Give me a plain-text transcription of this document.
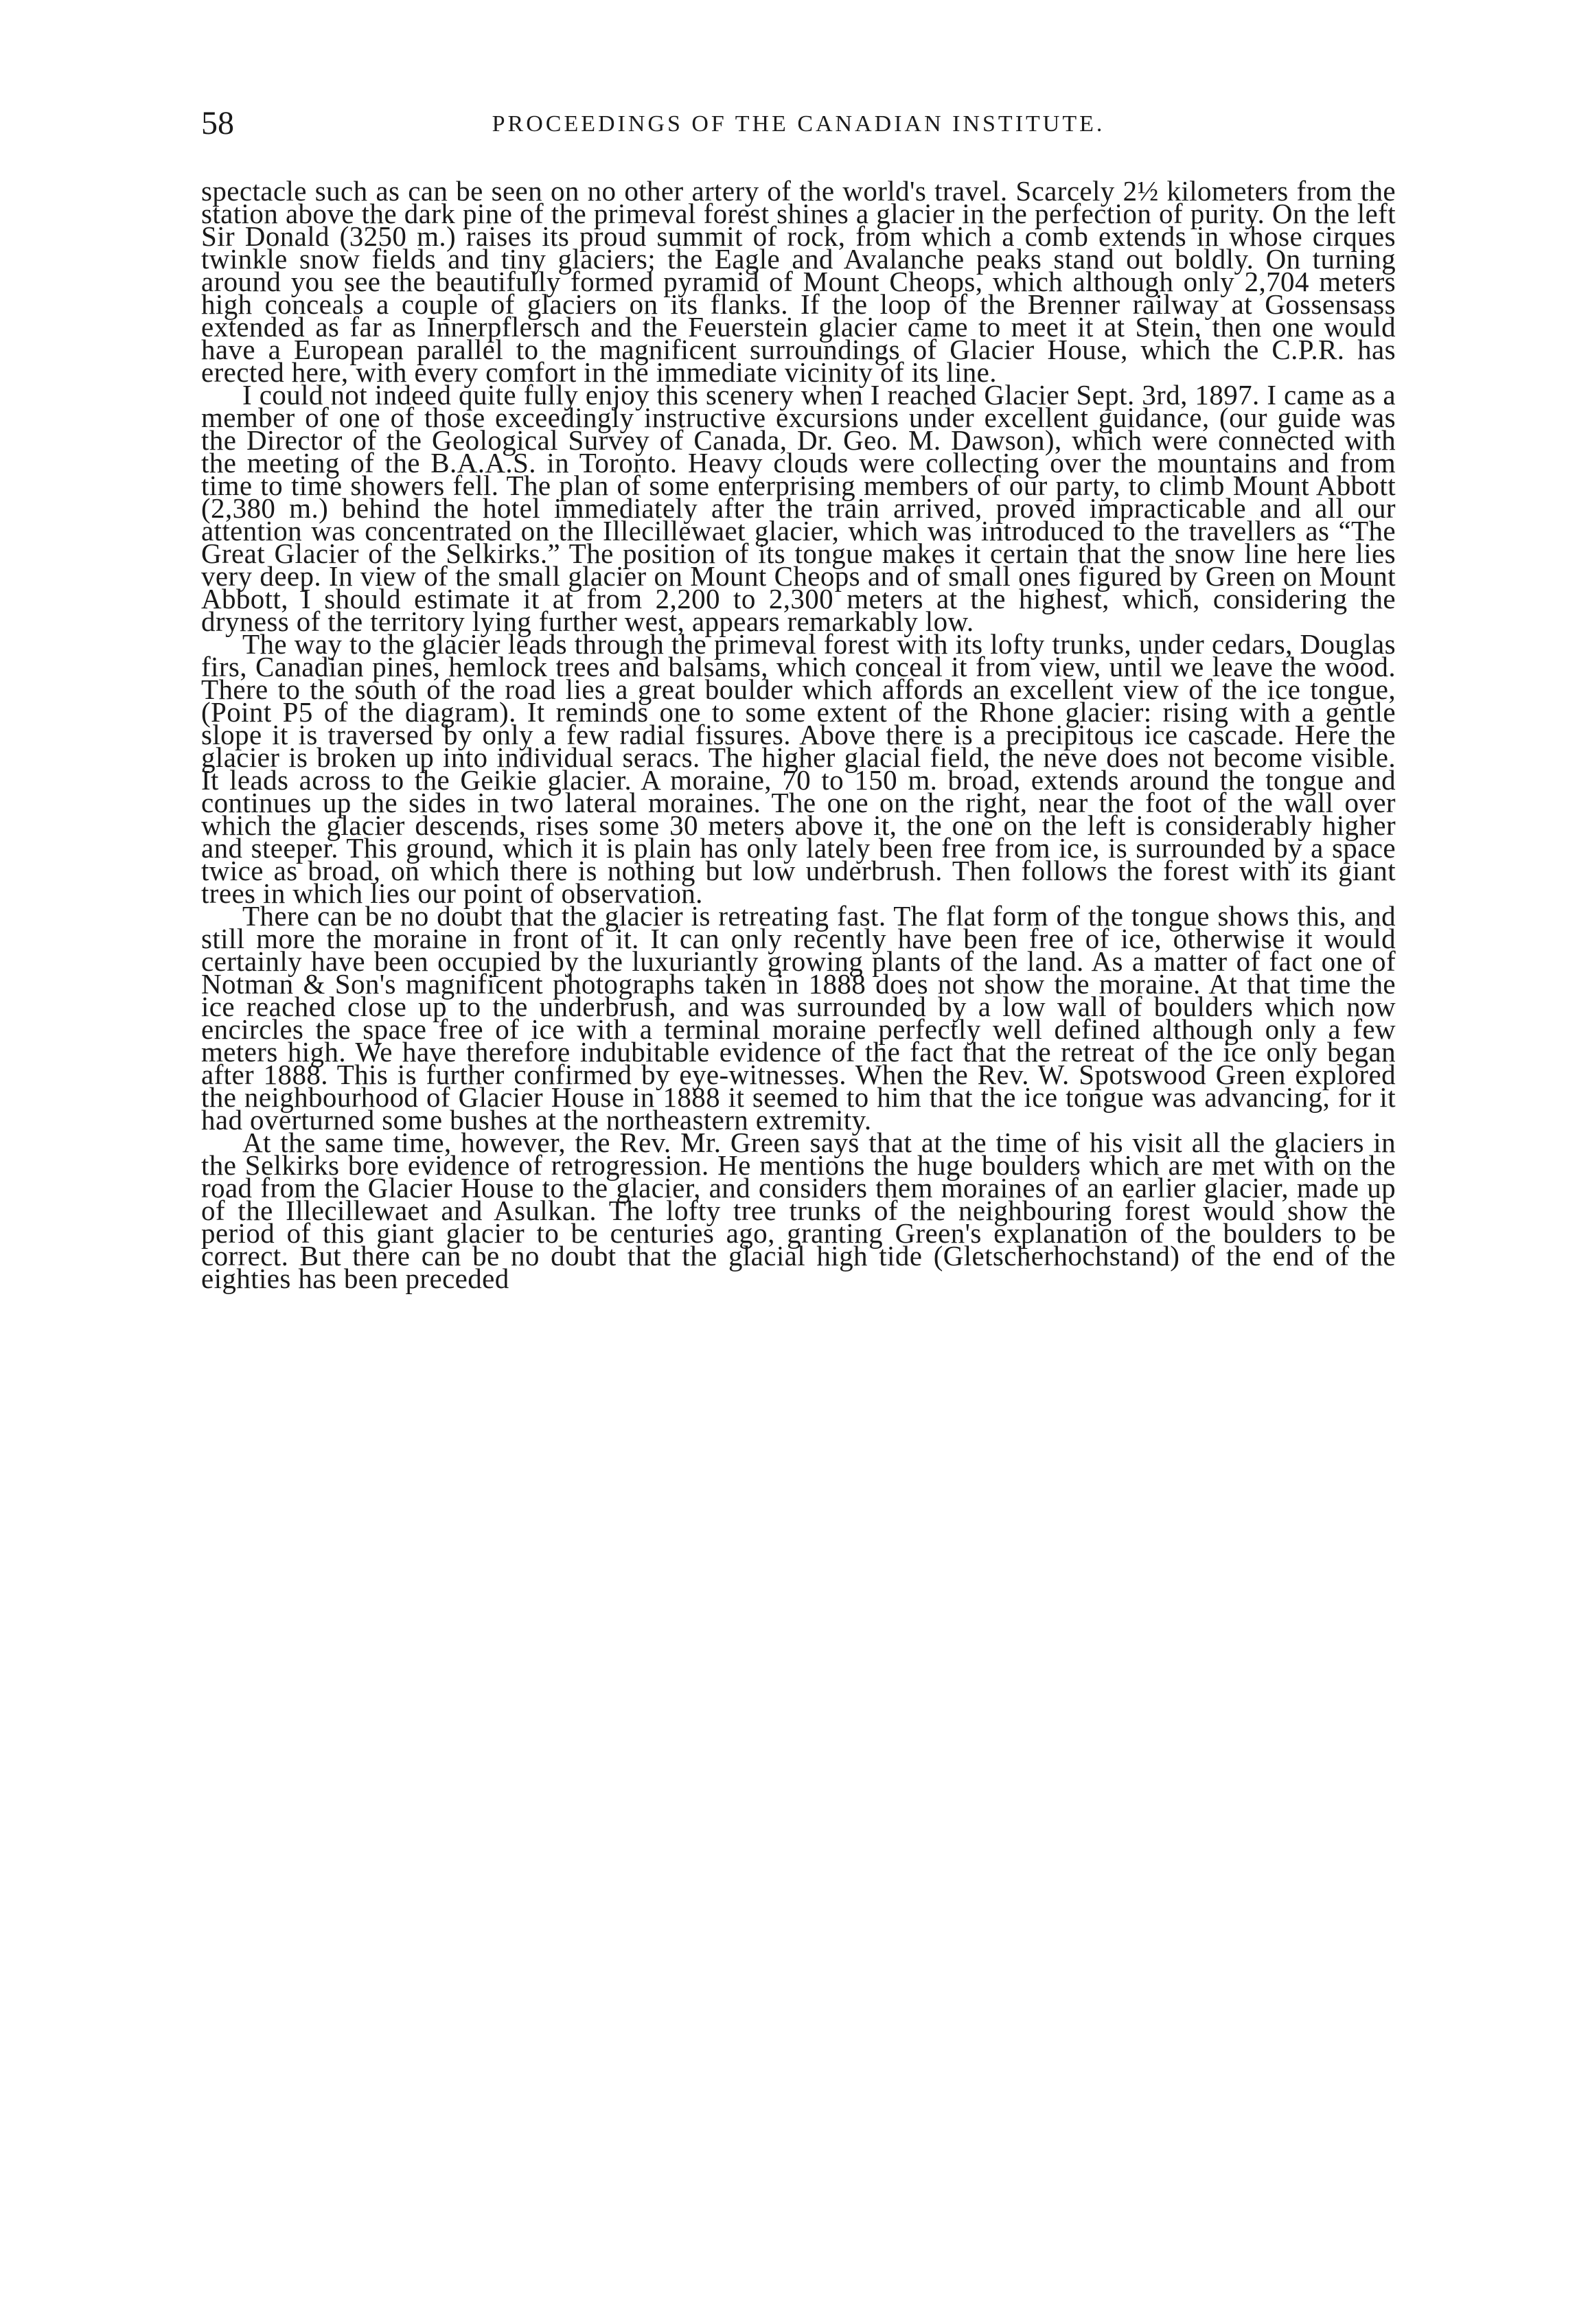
58	PROCEEDINGS OF THE CANADIAN INSTITUTE.

spectacle such as can be seen on no other artery of the world's travel. Scarcely 2½ kilometers from the station above the dark pine of the primeval forest shines a glacier in the perfection of purity. On the left Sir Donald (3250 m.) raises its proud summit of rock, from which a comb extends in whose cirques twinkle snow fields and tiny glaciers; the Eagle and Avalanche peaks stand out boldly. On turning around you see the beautifully formed pyramid of Mount Cheops, which although only 2,704 meters high conceals a couple of glaciers on its flanks. If the loop of the Brenner railway at Gossensass extended as far as Innerpflersch and the Feuerstein glacier came to meet it at Stein, then one would have a European parallel to the magnificent surroundings of Glacier House, which the C.P.R. has erected here, with every comfort in the immediate vicinity of its line.

I could not indeed quite fully enjoy this scenery when I reached Glacier Sept. 3rd, 1897. I came as a member of one of those exceedingly instructive excursions under excellent guidance, (our guide was the Director of the Geological Survey of Canada, Dr. Geo. M. Dawson), which were connected with the meeting of the B.A.A.S. in Toronto. Heavy clouds were collecting over the mountains and from time to time showers fell. The plan of some enterprising members of our party, to climb Mount Abbott (2,380 m.) behind the hotel immediately after the train arrived, proved impracticable and all our attention was concentrated on the Illecillewaet glacier, which was introduced to the travellers as “The Great Glacier of the Selkirks.” The position of its tongue makes it certain that the snow line here lies very deep. In view of the small glacier on Mount Cheops and of small ones figured by Green on Mount Abbott, I should estimate it at from 2,200 to 2,300 meters at the highest, which, considering the dryness of the territory lying further west, appears remarkably low.

The way to the glacier leads through the primeval forest with its lofty trunks, under cedars, Douglas firs, Canadian pines, hemlock trees and balsams, which conceal it from view, until we leave the wood. There to the south of the road lies a great boulder which affords an excellent view of the ice tongue, (Point P5 of the diagram). It reminds one to some extent of the Rhone glacier: rising with a gentle slope it is traversed by only a few radial fissures. Above there is a precipitous ice cascade. Here the glacier is broken up into individual seracs. The higher glacial field, the neve does not become visible. It leads across to the Geikie glacier. A moraine, 70 to 150 m. broad, extends around the tongue and continues up the sides in two lateral moraines. The one on the right, near the foot of the wall over which the glacier descends, rises some 30 meters above it, the one on the left is considerably higher and steeper. This ground, which it is plain has only lately been free from ice, is surrounded by a space twice as broad, on which there is nothing but low underbrush. Then follows the forest with its giant trees in which lies our point of observation.

There can be no doubt that the glacier is retreating fast. The flat form of the tongue shows this, and still more the moraine in front of it. It can only recently have been free of ice, otherwise it would certainly have been occupied by the luxuriantly growing plants of the land. As a matter of fact one of Notman & Son's magnificent photographs taken in 1888 does not show the moraine. At that time the ice reached close up to the underbrush, and was surrounded by a low wall of boulders which now encircles the space free of ice with a terminal moraine perfectly well defined although only a few meters high. We have therefore indubitable evidence of the fact that the retreat of the ice only began after 1888. This is further confirmed by eye-witnesses. When the Rev. W. Spotswood Green explored the neighbourhood of Glacier House in 1888 it seemed to him that the ice tongue was advancing, for it had overturned some bushes at the northeastern extremity.

At the same time, however, the Rev. Mr. Green says that at the time of his visit all the glaciers in the Selkirks bore evidence of retrogression. He mentions the huge boulders which are met with on the road from the Glacier House to the glacier, and considers them moraines of an earlier glacier, made up of the Illecillewaet and Asulkan. The lofty tree trunks of the neighbouring forest would show the period of this giant glacier to be centuries ago, granting Green's explanation of the boulders to be correct. But there can be no doubt that the glacial high tide (Gletscherhochstand) of the end of the eighties has been preceded
